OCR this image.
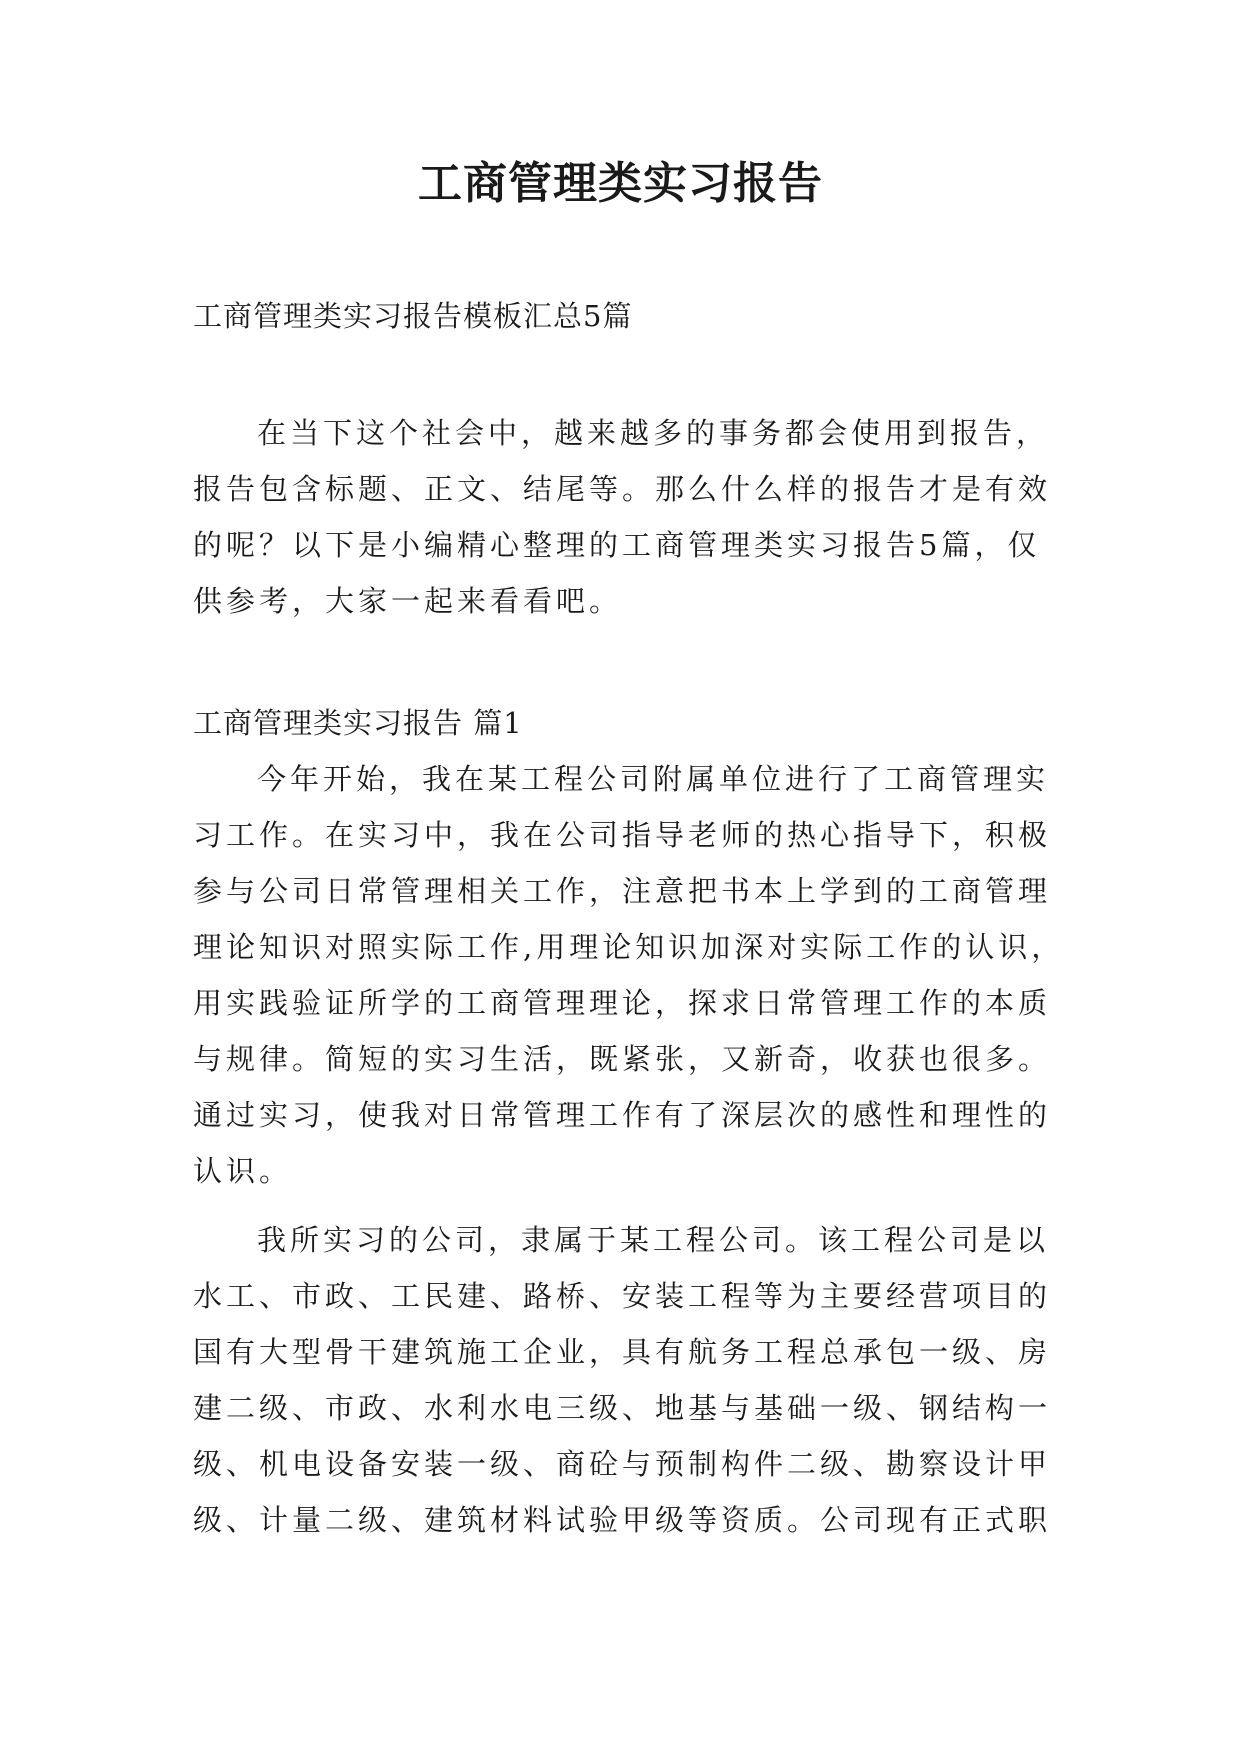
工商管理类实习报告
工商管理类实习报告模板汇总5篇
在当下这个社会中，越来越多的事务都会使用到报告，
报告包含标题、正文、结尾等。那么什么样的报告才是有效
的呢？以下是小编精心整理的工商管理类实习报告5篇，仅
供参考，大家一起来看看吧。
工商管理类实习报告 篇1
今年开始，我在某工程公司附属单位进行了工商管理实
习工作。在实习中，我在公司指导老师的热心指导下，积极
参与公司日常管理相关工作，注意把书本上学到的工商管理
理论知识对照实际工作,用理论知识加深对实际工作的认识，
用实践验证所学的工商管理理论，探求日常管理工作的本质
与规律。简短的实习生活，既紧张，又新奇，收获也很多。
通过实习，使我对日常管理工作有了深层次的感性和理性的
认识。
我所实习的公司，隶属于某工程公司。该工程公司是以
水工、市政、工民建、路桥、安装工程等为主要经营项目的
国有大型骨干建筑施工企业，具有航务工程总承包一级、房
建二级、市政、水利水电三级、地基与基础一级、钢结构一
级、机电设备安装一级、商砼与预制构件二级、勘察设计甲
级、计量二级、建筑材料试验甲级等资质。公司现有正式职
